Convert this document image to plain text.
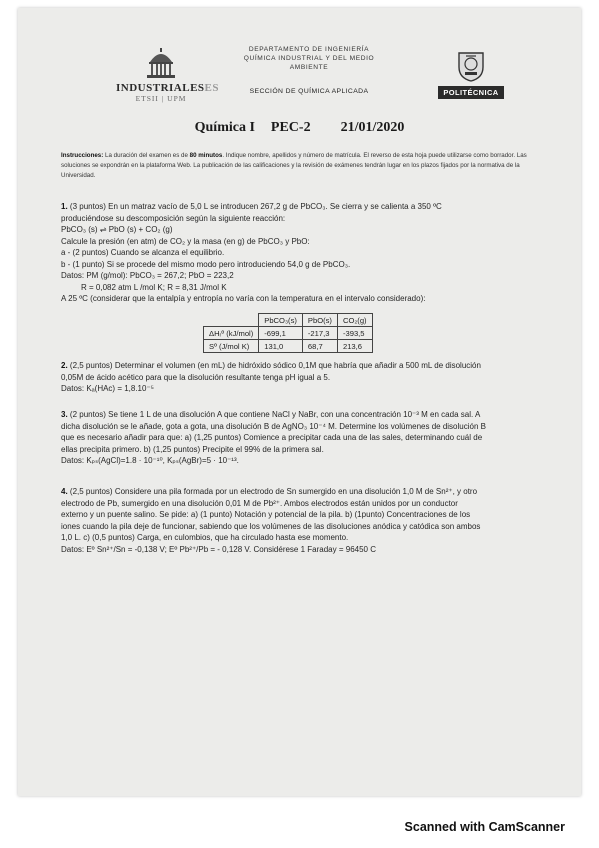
INDUSTRIALESES
ETSII | UPM
DEPARTAMENTO DE INGENIERÍA
QUÍMICA INDUSTRIAL Y DEL MEDIO
AMBIENTE
SECCIÓN DE QUÍMICA APLICADA	POLITÉCNICA
Química I PEC-2 21/01/2020
Instrucciones: La duración del examen es de 80 minutos. Indique nombre, apellidos y número de matrícula. El reverso de esta hoja puede utilizarse como borrador. Las soluciones se expondrán en la plataforma Web. La publicación de las calificaciones y la revisión de exámenes tendrán lugar en los plazos fijados por la normativa de la Universidad.
1. (3 puntos) En un matraz vacío de 5,0 L se introducen 267,2 g de PbCO₃. Se cierra y se calienta a 350 ºC
produciéndose su descomposición según la siguiente reacción:
PbCO₃ (s) ⇌ PbO (s) + CO₂ (g)
Calcule la presión (en atm) de CO₂ y la masa (en g) de PbCO₃ y PbO:
a - (2 puntos) Cuando se alcanza el equilibrio.
b - (1 punto) Si se procede del mismo modo pero introduciendo 54,0 g de PbCO₃.
Datos: PM (g/mol): PbCO₃ = 267,2; PbO = 223,2
R = 0,082 atm L /mol K; R = 8,31 J/mol K
A 25 ºC (considerar que la entalpía y entropía no varía con la temperatura en el intervalo considerado):
	PbCO₃(s)	PbO(s)	CO₂(g)
ΔHᵣº (kJ/mol)	-699,1	-217,3	-393,5
Sº (J/mol K)	131,0	68,7	213,6
2. (2,5 puntos) Determinar el volumen (en mL) de hidróxido sódico 0,1M que habría que añadir a 500 mL de disolución
0,05M de ácido acético para que la disolución resultante tenga pH igual a 5.
Datos: Kₐ(HAc) = 1,8.10⁻⁵
3. (2 puntos) Se tiene 1 L de una disolución A que contiene NaCl y NaBr, con una concentración 10⁻³ M en cada sal. A
dicha disolución se le añade, gota a gota, una disolución B de AgNO₃ 10⁻⁴ M. Determine los volúmenes de disolución B
que es necesario añadir para que: a) (1,25 puntos) Comience a precipitar cada una de las sales, determinando cuál de
ellas precipita primero. b) (1,25 puntos) Precipite el 99% de la primera sal.
Datos: Kₚₛ(AgCl)=1.8 · 10⁻¹⁰, Kₚₛ(AgBr)=5 · 10⁻¹³.
4. (2,5 puntos) Considere una pila formada por un electrodo de Sn sumergido en una disolución 1,0 M de Sn²⁺, y otro
electrodo de Pb, sumergido en una disolución 0,01 M de Pb²⁺. Ambos electrodos están unidos por un conductor
externo y un puente salino. Se pide: a) (1 punto) Notación y potencial de la pila. b) (1punto) Concentraciones de los
iones cuando la pila deje de funcionar, sabiendo que los volúmenes de las disoluciones anódica y catódica son ambos
1,0 L. c) (0,5 puntos) Carga, en culombios, que ha circulado hasta ese momento.
Datos: Eº Sn²⁺/Sn = -0,138 V; Eº Pb²⁺/Pb = - 0,128 V. Considérese 1 Faraday = 96450 C
Scanned with CamScanner
